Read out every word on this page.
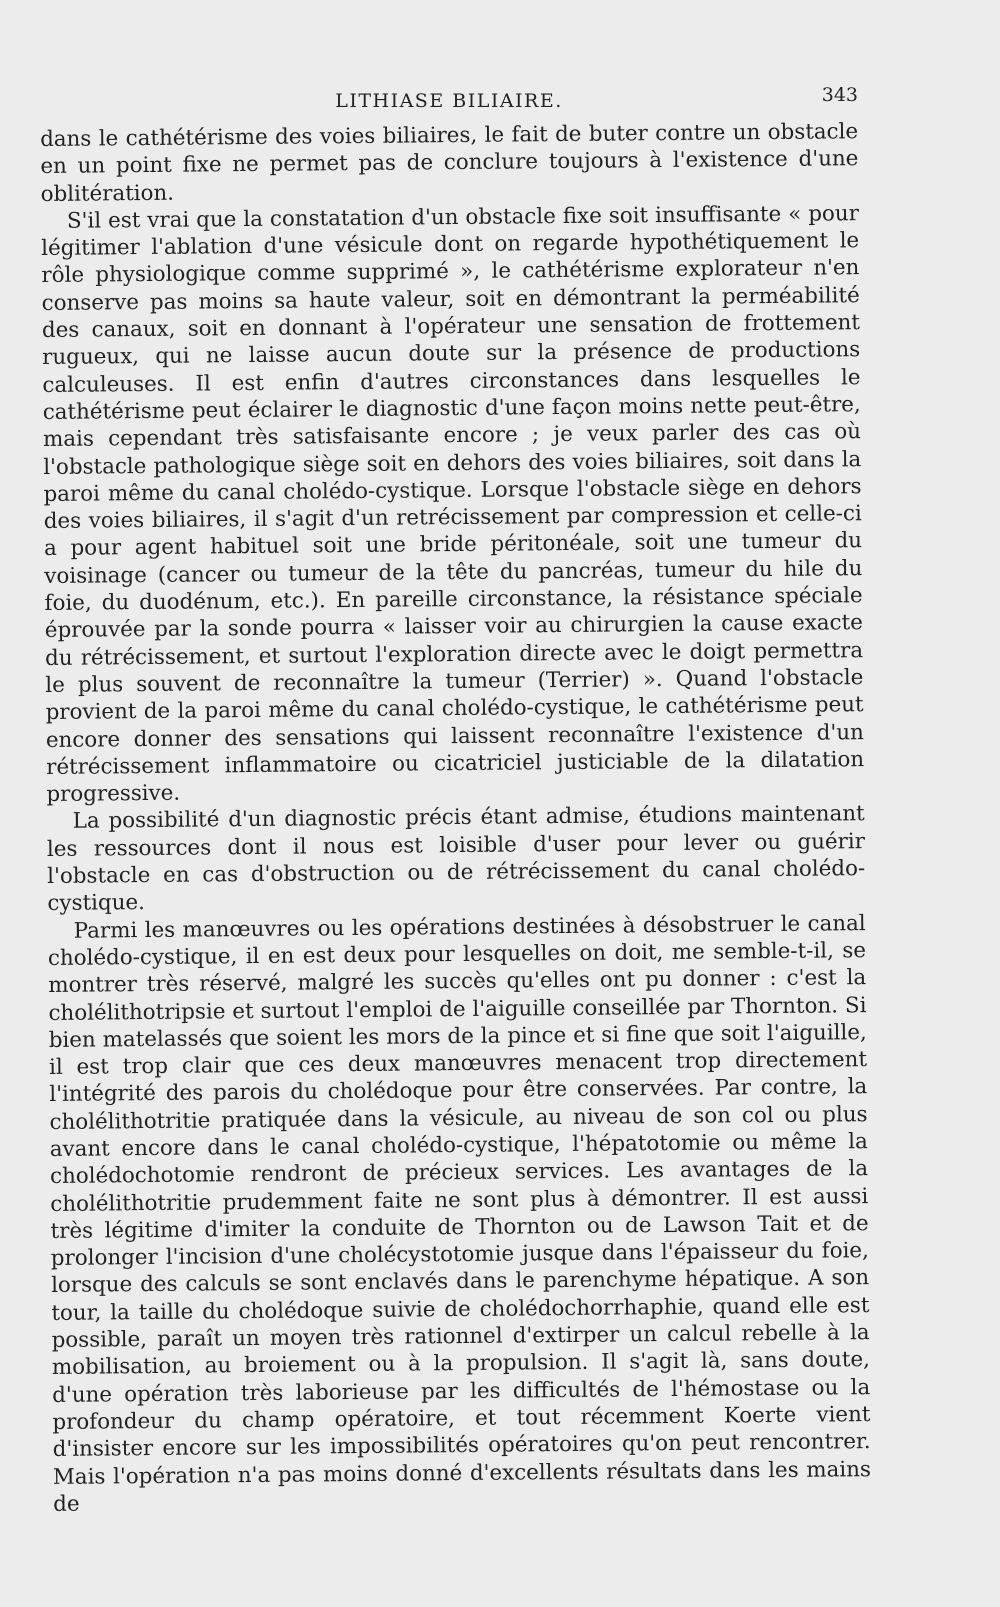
LITHIASE BILIAIRE.	343

dans le cathétérisme des voies biliaires, le fait de buter contre un obstacle en un point fixe ne permet pas de conclure toujours à l'existence d'une oblitération.

S'il est vrai que la constatation d'un obstacle fixe soit insuffisante « pour légitimer l'ablation d'une vésicule dont on regarde hypothétiquement le rôle physiologique comme supprimé », le cathétérisme explorateur n'en conserve pas moins sa haute valeur, soit en démontrant la perméabilité des canaux, soit en donnant à l'opérateur une sensation de frottement rugueux, qui ne laisse aucun doute sur la présence de productions calculeuses. Il est enfin d'autres circonstances dans lesquelles le cathétérisme peut éclairer le diagnostic d'une façon moins nette peut-être, mais cependant très satisfaisante encore ; je veux parler des cas où l'obstacle pathologique siège soit en dehors des voies biliaires, soit dans la paroi même du canal cholédo-cystique. Lorsque l'obstacle siège en dehors des voies biliaires, il s'agit d'un retrécissement par compression et celle-ci a pour agent habituel soit une bride péritonéale, soit une tumeur du voisinage (cancer ou tumeur de la tête du pancréas, tumeur du hile du foie, du duodénum, etc.). En pareille circonstance, la résistance spéciale éprouvée par la sonde pourra « laisser voir au chirurgien la cause exacte du rétrécissement, et surtout l'exploration directe avec le doigt permettra le plus souvent de reconnaître la tumeur (Terrier) ». Quand l'obstacle provient de la paroi même du canal cholédo-cystique, le cathétérisme peut encore donner des sensations qui laissent reconnaître l'existence d'un rétrécissement inflammatoire ou cicatriciel justiciable de la dilatation progressive.

La possibilité d'un diagnostic précis étant admise, étudions maintenant les ressources dont il nous est loisible d'user pour lever ou guérir l'obstacle en cas d'obstruction ou de rétrécissement du canal cholédo-cystique.

Parmi les manœuvres ou les opérations destinées à désobstruer le canal cholédo-cystique, il en est deux pour lesquelles on doit, me semble-t-il, se montrer très réservé, malgré les succès qu'elles ont pu donner : c'est la cholélithotripsie et surtout l'emploi de l'aiguille conseillée par Thornton. Si bien matelassés que soient les mors de la pince et si fine que soit l'aiguille, il est trop clair que ces deux manœuvres menacent trop directement l'intégrité des parois du cholédoque pour être conservées. Par contre, la cholélithotritie pratiquée dans la vésicule, au niveau de son col ou plus avant encore dans le canal cholédo-cystique, l'hépatotomie ou même la cholédochotomie rendront de précieux services. Les avantages de la cholélithotritie prudemment faite ne sont plus à démontrer. Il est aussi très légitime d'imiter la conduite de Thornton ou de Lawson Tait et de prolonger l'incision d'une cholécystotomie jusque dans l'épaisseur du foie, lorsque des calculs se sont enclavés dans le parenchyme hépatique. A son tour, la taille du cholédoque suivie de cholédochorrhaphie, quand elle est possible, paraît un moyen très rationnel d'extirper un calcul rebelle à la mobilisation, au broiement ou à la propulsion. Il s'agit là, sans doute, d'une opération très laborieuse par les difficultés de l'hémostase ou la profondeur du champ opératoire, et tout récemment Koerte vient d'insister encore sur les impossibilités opératoires qu'on peut rencontrer. Mais l'opération n'a pas moins donné d'excellents résultats dans les mains de
